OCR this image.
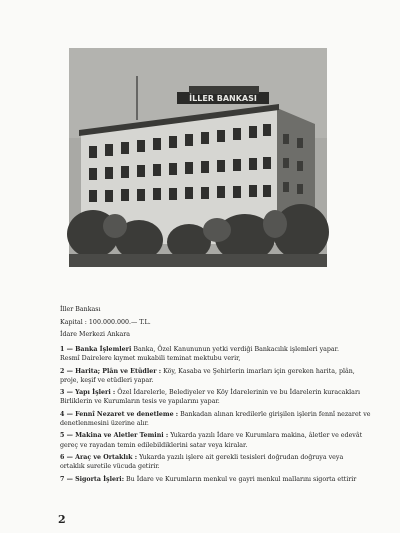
İLLER BANKASI
İller Bankası
Kapital : 100.000.000.— T.L.
İdare Merkezi Ankara
1 — Banka İşlemleri Banka, Özel Kanununun yetki verdiği Bankacılık işlemleri yapar.
Resmî Dairelere kıymet mukabili teminat mektubu verir,
2 — Harita; Plân ve Etüdler : Köy, Kasaba ve Şehirlerin imarları için gereken harita, plân,
proje, keşif ve etüdleri yapar.
3 — Yapı İşleri : Özel İdarelerle, Belediyeler ve Köy İdarelerinin ve bu İdarelerin kuracakları
Birliklerin ve Kurumların tesis ve yapılarını yapar.
4 — Fennî Nezaret ve denetleme : Bankadan alınan kredilerle girişilen işlerin fennî nezaret ve
denetlenmesini üzerine alır.
5 — Makina ve Aletler Temini : Yukarda yazılı İdare ve Kurumlara makina, âletler ve edevât
gereç ve rayadan temin edilebildiklerini satar veya kiralar.
6 — Araç ve Ortaklık : Yukarda yazılı işlere ait gerekli tesisleri doğrudan doğruya veya
ortaklık suretile vücuda getirir.
7 — Sigorta İşleri: Bu İdare ve Kurumların menkul ve gayri menkul mallarını sigorta ettirir
2
